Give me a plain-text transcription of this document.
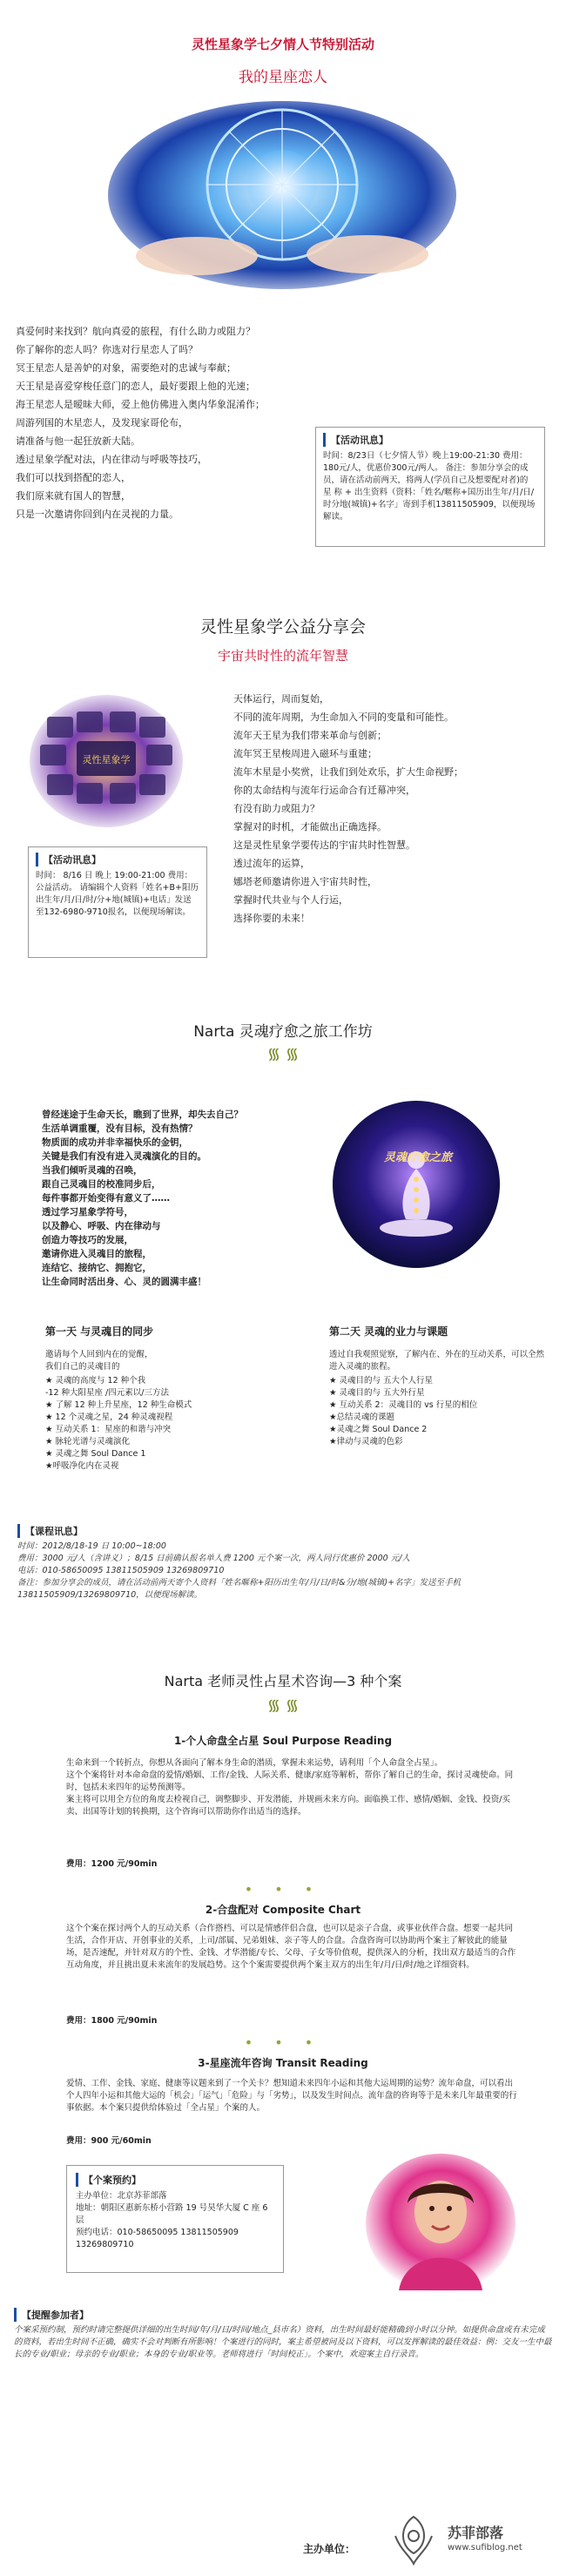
灵性星象学七夕情人节特别活动
我的星座恋人
真爱何时来找到？航向真爱的旅程，有什么助力或阻力？
你了解你的恋人吗？你选对行星恋人了吗？
冥王星恋人是善妒的对象，需要绝对的忠诚与奉献；
天王星是喜爱穿梭任意门的恋人，最好要跟上他的光速；
海王星恋人是暧昧大师，爱上他仿佛进入奥内华象混淆作；
周游列国的木星恋人，及发现家哥伦布，
请准备与他一起狂放新大陆。
透过星象学配对法，内在律动与呼吸等技巧，
我们可以找到搭配的恋人，
我们原来就有国人的智慧，
只是一次邀请你回到内在灵视的力量。
【活动讯息】
时间：8/23日（七夕情人节）晚上19:00-21:30 费用：180元/人，优惠价300元/两人。 备注：参加分享会的成员，请在活动前两天，将两人(学员自己及想要配对者)的 星 称 + 出生资料（资料：「姓名/暱称+国历出生年/月/日/时分地(城镇)+名字」寄到手机13811505909，以便现场解读。
灵性星象学公益分享会
宇宙共时性的流年智慧
灵性星象学
天体运行，周而复始，
不同的流年周期，为生命加入不同的变量和可能性。
流年天王星为我们带来革命与创新；
流年冥王星梭周进入磁环与重建；
流年木星是小奖赏，让我们到处欢乐，扩大生命视野；
你的太命结构与流年行运命合有迁幕冲突，
有没有助力或阻力？
掌握对的时机，才能做出正确选择。
这是灵性星象学要传达的宇宙共时性智慧。
透过流年的运算，
娜塔老师邀请你进入宇宙共时性，
掌握时代共业与个人行运，
选择你要的未来！
【活动讯息】
时间： 8/16 日 晚上 19:00-21:00 费用：公益活动。 请编辑个人资料「姓名+B+阳历出生年/月/日/时/分+地(城镇)+电话」发送至132-6980-9710报名，以便现场解读。
Narta 灵魂疗愈之旅工作坊
᯾ ᯾
曾经迷途于生命天长，瞧到了世界，却失去自己？
生活单调重覆，没有目标，没有热情？
物质面的成功并非幸福快乐的金钥，
关键是我们有没有进入灵魂演化的目的。
当我们倾听灵魂的召唤，
跟自己灵魂目的校准同步后，
每件事都开始变得有意义了……
透过学习星象学符号，
以及静心、呼吸、内在律动与
创造力等技巧的发展，
邀请你进入灵魂目的旅程，
连结它、接纳它、拥抱它，
让生命同时活出身、心、灵的圆满丰盛！
灵魂疗愈之旅
第一天 与灵魂目的同步
邀请每个人回到内在的觉醒，
我们自己的灵魂目的
★ 灵魂的高度与 12 种个我
-12 种大阳星座 /四元素以/三方法
★ 了解 12 种上升星座，12 种生命模式
★ 12 个灵魂之星，24 种灵魂视程
★ 互动关系 1：星座的和谐与冲突
★ 脉轮光谱与灵魂演化
★ 灵魂之舞 Soul Dance 1
★呼吸净化内在灵视
第二天 灵魂的业力与课题
透过自我观照觉察，了解内在、外在的互动关系，可以全然进入灵魂的旅程。
★ 灵魂目的与 五大个人行星
★ 灵魂目的与 五大外行星
★ 互动关系 2：灵魂目的 vs 行星的相位
★总结灵魂的课题
★灵魂之舞 Soul Dance 2
★律动与灵魂的色彩
【课程讯息】
时间：2012/8/18-19 日 10:00~18:00
费用：3000 元/人（含讲义）；8/15 日前确认报名单人费 1200 元个案一次，两人同行优惠价 2000 元/人
电话：010-58650095 13811505909 13269809710
备注：参加分享会的成员，请在活动前两天寄个人资料「姓名暱称+阳历出生年/月/日/时&分/地(城镇)+名字」发送至手机 13811505909/13269809710，以便现场解读。
Narta 老师灵性占星术咨询—3 种个案
᯾ ᯾
1-个人命盘全占星 Soul Purpose Reading
生命来到一个转折点，你想从各面向了解本身生命的潜质，掌握未来运势，请利用「个人命盘全占星」。
这个个案将针对本命命盘的爱情/婚姻、工作/金钱、人际关系、健康/家庭等解析，帮你了解自己的生命，探讨灵魂使命。同时，包括未来四年的运势预测等。
案主将可以用全方位的角度去检视自己，调整脚步、开发潜能，并规画未来方向。面临换工作、感情/婚姻、金钱、投资/买卖、出国等计划的转换期，这个咨询可以帮助你作出适当的选择。
费用：1200 元/90min
• • •
2-合盘配对 Composite Chart
这个个案在探讨两个人的互动关系（合作搭档、可以是情感伴侣合盘，也可以是亲子合盘，或事业伙伴合盘。想要一起共同生活，合作开店、开创事业的关系，上司/部属、兄弟姐妹、亲子等人的合盘。合盘咨询可以协助两个案主了解彼此的能量场，是否速配，并针对双方的个性、金钱、才华潜能/专长、父母、子女等价值观，提供深入的分析，找出双方最适当的合作互动角度，并且挑出夏未来流年的发展趋势。这个个案需要提供两个案主双方的出生年/月/日/时/地之详细资料。
费用：1800 元/90min
• • •
3-星座流年咨询 Transit Reading
爱情、工作、金钱、家庭、健康等议题来到了一个关卡？想知道未来四年小运和其他大运周期的运势？流年命盘，可以看出个人四年小运和其他大运的「机会」「运气」「危险」与「劣势」，以及发生时间点。流年盘的咨询等于是未来几年最重要的行事依据。本个案只提供给体验过「全占星」个案的人。
费用：900 元/60min
【个案预约】
主办单位：北京苏菲部落
地址：朝阳区惠新东桥小营路 19 号昊华大厦 C 座 6 层
预约电话：010-58650095 13811505909 13269809710
【提醒参加者】
个案采预约制，预约时请完整提供详细的出生时间/年/月/日/时间/地点_县市名）资料，出生时间最好能精确到小时以分钟。如提供命盘或有未完成的资料，若出生时间不正确，确实不会对判断有所影响！个案进行的同时，案主希望被问及以下资料，可以发挥解读的最佳效益：例：交友一生中最长的专业/职业；母亲的专业/职业；本身的专业/职业等。老师将进行「时间校正」。个案中，欢迎案主自行录音。
主办单位：
苏菲部落
www.sufiblog.net
